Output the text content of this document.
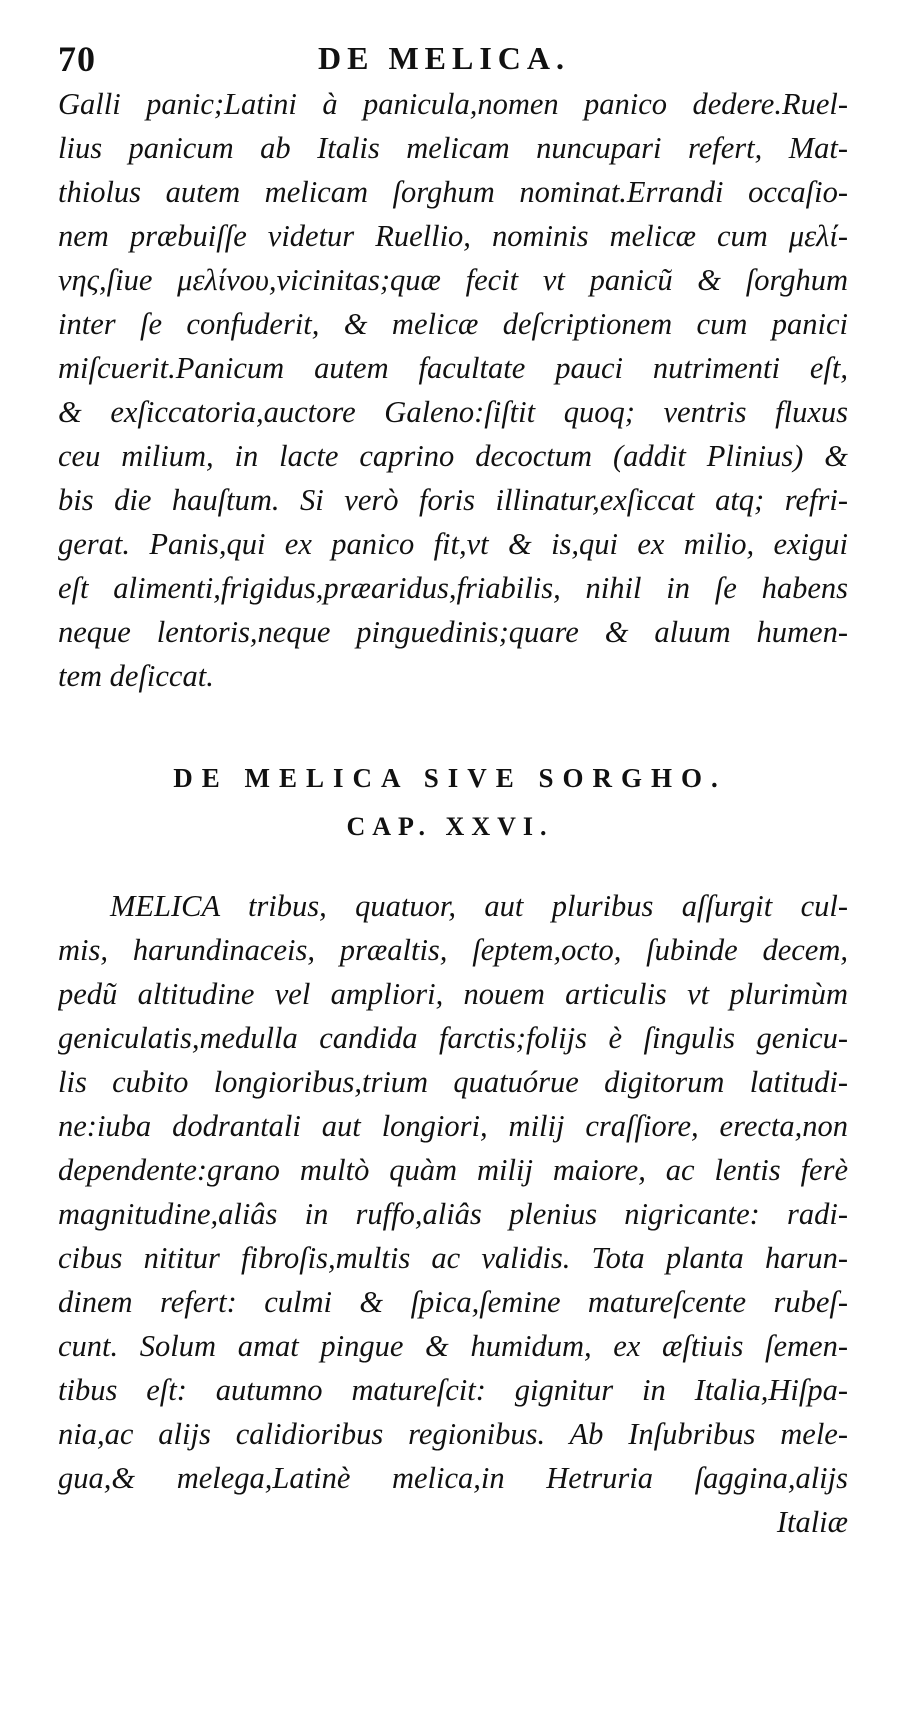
70	DE MELICA.
Galli panic;Latini à panicula,nomen panico dedere.Ruel-
lius panicum ab Italis melicam nuncupari refert, Mat-
thiolus autem melicam ſorghum nominat.Errandi occaſio-
nem præbuiſſe videtur Ruellio, nominis melicæ cum μελί-
νης,ſiue μελίνου,vicinitas;quæ fecit vt panicũ & ſorghum
inter ſe confuderit, & melicæ deſcriptionem cum panici
miſcuerit.Panicum autem facultate pauci nutrimenti eſt,
& exſiccatoria,auctore Galeno:ſiſtit quoq; ventris fluxus
ceu milium, in lacte caprino decoctum (addit Plinius) &
bis die hauſtum. Si verò foris illinatur,exſiccat atq; refri-
gerat. Panis,qui ex panico fit,vt & is,qui ex milio, exigui
eſt alimenti,frigidus,præaridus,friabilis, nihil in ſe habens
neque lentoris,neque pinguedinis;quare & aluum humen-
tem deſiccat.
DE MELICA SIVE SORGHO.
CAP. XXVI.
MELICA tribus, quatuor, aut pluribus aſſurgit cul-
mis, harundinaceis, præaltis, ſeptem,octo, ſubinde decem,
pedũ altitudine vel ampliori, nouem articulis vt plurimùm
geniculatis,medulla candida farctis;folijs è ſingulis genicu-
lis cubito longioribus,trium quatuórue digitorum latitudi-
ne:iuba dodrantali aut longiori, milij craſſiore, erecta,non
dependente:grano multò quàm milij maiore, ac lentis ferè
magnitudine,aliâs in ruffo,aliâs plenius nigricante: radi-
cibus nititur fibroſis,multis ac validis. Tota planta harun-
dinem refert: culmi & ſpica,ſemine matureſcente rubeſ-
cunt. Solum amat pingue & humidum, ex æſtiuis ſemen-
tibus eſt: autumno matureſcit: gignitur in Italia,Hiſpa-
nia,ac alijs calidioribus regionibus. Ab Inſubribus mele-
gua,& melega,Latinè melica,in Hetruria ſaggina,alijs
Italiæ
